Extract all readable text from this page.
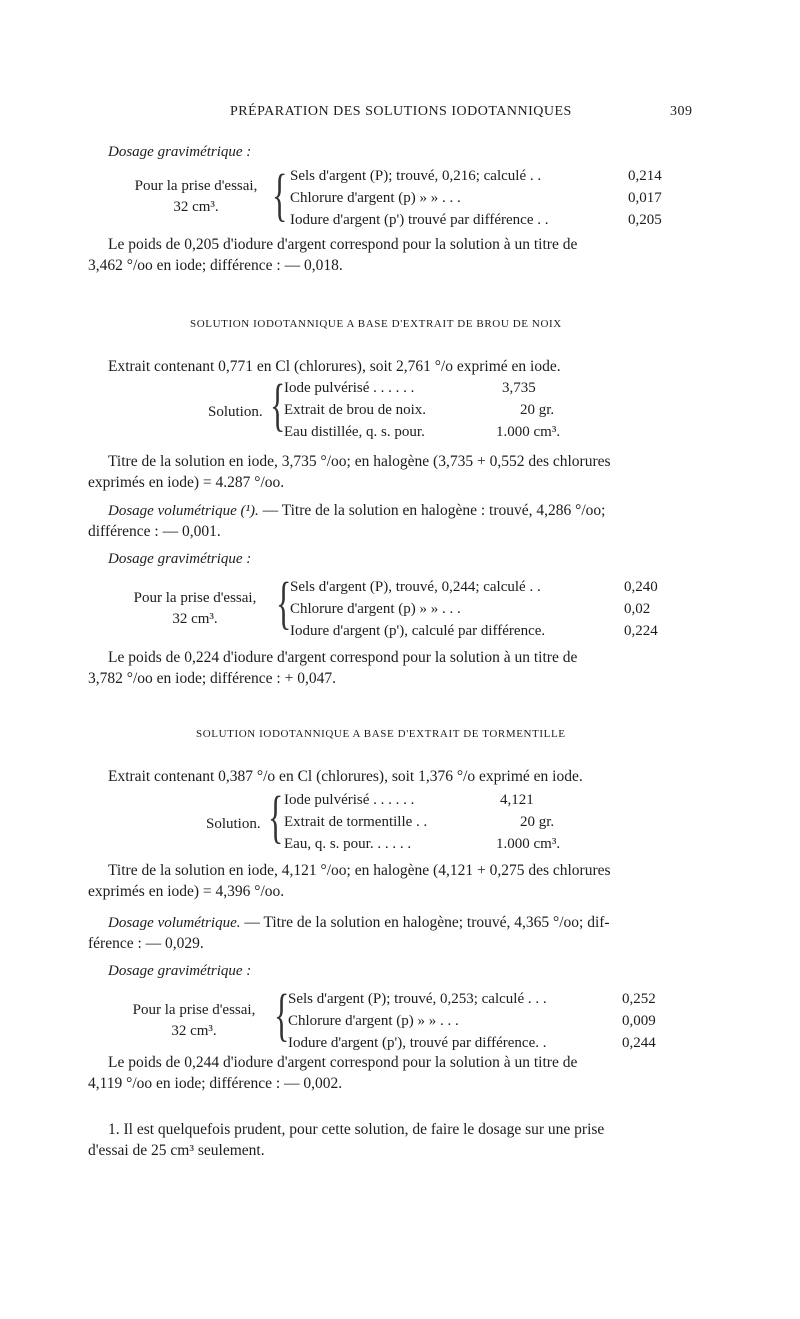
PRÉPARATION DES SOLUTIONS IODOTANNIQUES	309
Dosage gravimétrique :
Pour la prise d'essai,
32 cm³. { Sels d'argent (P); trouvé, 0,216; calculé . .	0,214
Chlorure d'argent (p) » » . . .	0,017
Iodure d'argent (p') trouvé par différence . .	0,205
Le poids de 0,205 d'iodure d'argent correspond pour la solution à un titre de
3,462 °/oo en iode; différence : — 0,018.
SOLUTION IODOTANNIQUE A BASE D'EXTRAIT DE BROU DE NOIX
Extrait contenant 0,771 en Cl (chlorures), soit 2,761 °/o exprimé en iode.
Solution. {
Iode pulvérisé . . . . . .	3,735
Extrait de brou de noix.	20 gr.
Eau distillée, q. s. pour.	1.000 cm³.
Titre de la solution en iode, 3,735 °/oo; en halogène (3,735 + 0,552 des chlorures
exprimés en iode) = 4.287 °/oo.
Dosage volumétrique (¹). — Titre de la solution en halogène : trouvé, 4,286 °/oo;
différence : — 0,001.
Dosage gravimétrique :
Pour la prise d'essai,
32 cm³.	{
Sels d'argent (P), trouvé, 0,244; calculé . .	0,240
Chlorure d'argent (p) » » . . .	0,02
Iodure d'argent (p'), calculé par différence.	0,224
Le poids de 0,224 d'iodure d'argent correspond pour la solution à un titre de
3,782 °/oo en iode; différence : + 0,047.
SOLUTION IODOTANNIQUE A BASE D'EXTRAIT DE TORMENTILLE
Extrait contenant 0,387 °/o en Cl (chlorures), soit 1,376 °/o exprimé en iode.
Solution. { Iode pulvérisé . . . . . .	4,121
Extrait de tormentille . .	20 gr.
Eau, q. s. pour. . . . . .	1.000 cm³.
Titre de la solution en iode, 4,121 °/oo; en halogène (4,121 + 0,275 des chlorures
exprimés en iode) = 4,396 °/oo.
Dosage volumétrique. — Titre de la solution en halogène; trouvé, 4,365 °/oo; dif-
férence : — 0,029.
Dosage gravimétrique :
Pour la prise d'essai,
32 cm³. {
Sels d'argent (P); trouvé, 0,253; calculé . . .	0,252
Chlorure d'argent (p) » » . . .	0,009
Iodure d'argent (p'), trouvé par différence. .	0,244
Le poids de 0,244 d'iodure d'argent correspond pour la solution à un titre de
4,119 °/oo en iode; différence : — 0,002.
1. Il est quelquefois prudent, pour cette solution, de faire le dosage sur une prise
d'essai de 25 cm³ seulement.
